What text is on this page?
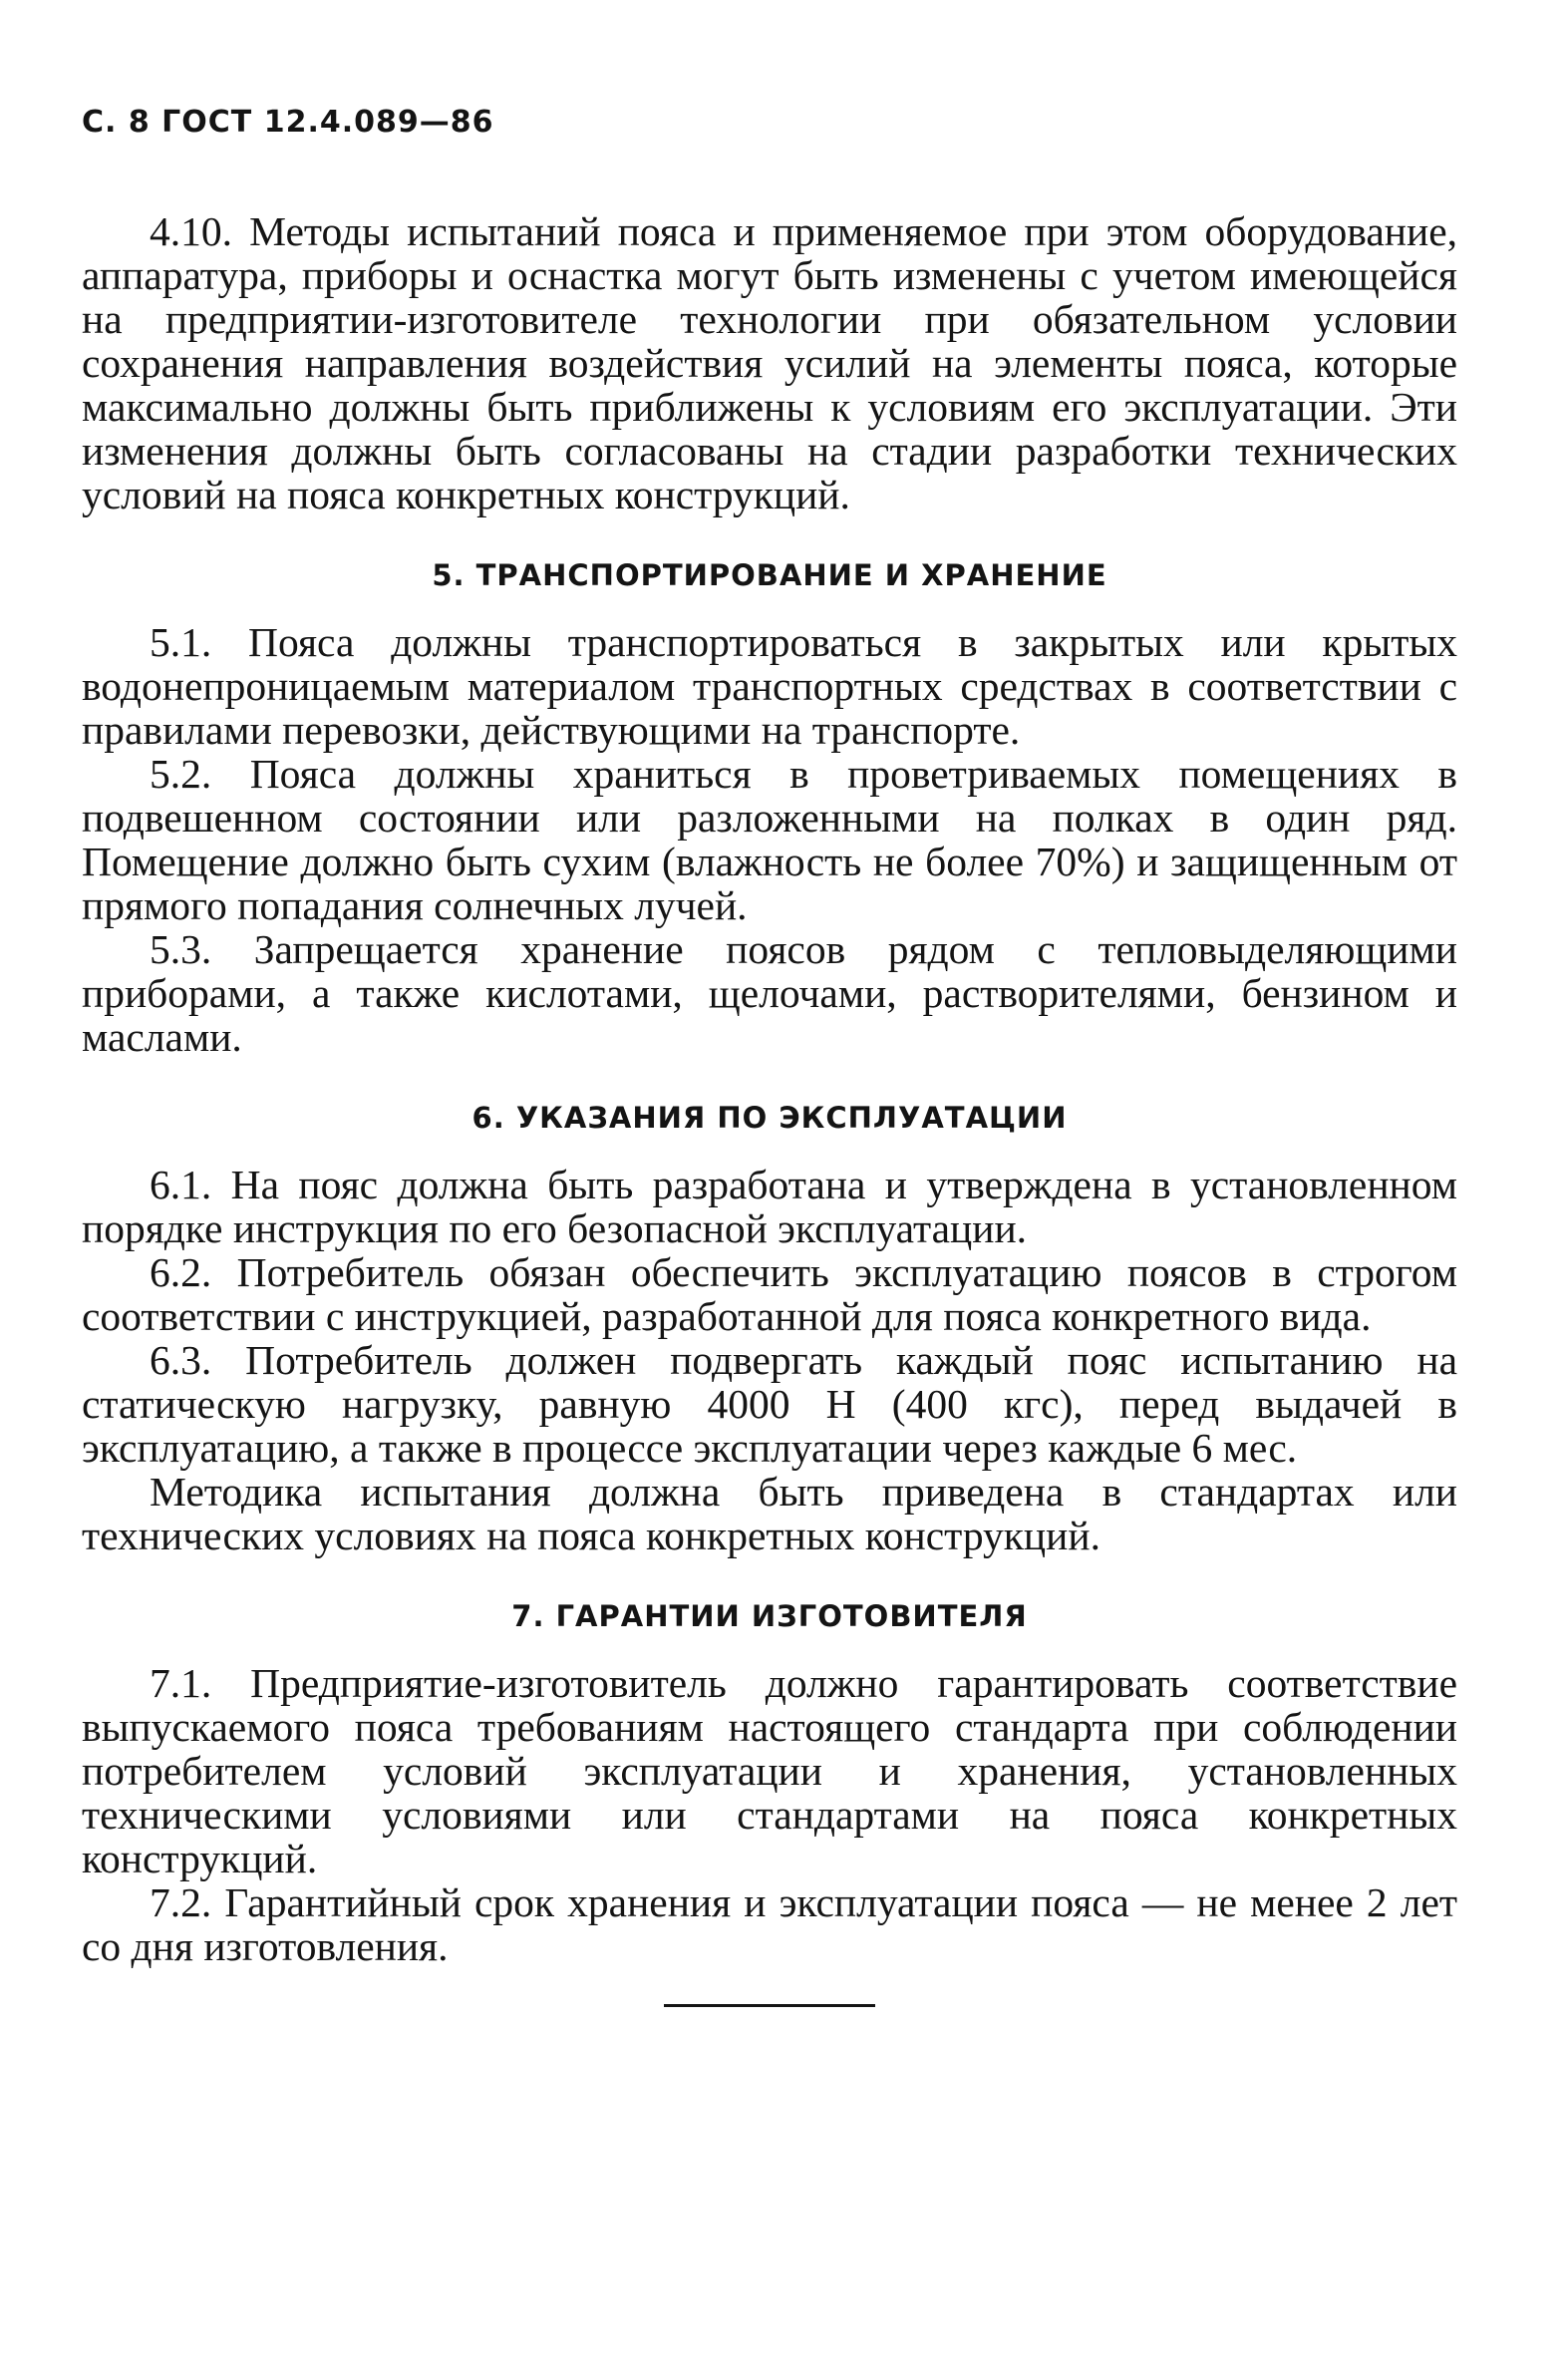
С. 8 ГОСТ 12.4.089—86

4.10. Методы испытаний пояса и применяемое при этом оборудование, аппаратура, приборы и оснастка могут быть изменены с учетом имеющейся на предприятии-изготовителе технологии при обязательном условии сохранения направления воздействия усилий на элементы пояса, которые максимально должны быть приближены к условиям его эксплуатации. Эти изменения должны быть согласованы на стадии разработки технических условий на пояса конкретных конструкций.

5. ТРАНСПОРТИРОВАНИЕ И ХРАНЕНИЕ

5.1. Пояса должны транспортироваться в закрытых или крытых водонепроницаемым материалом транспортных средствах в соответствии с правилами перевозки, действующими на транспорте.

5.2. Пояса должны храниться в проветриваемых помещениях в подвешенном состоянии или разложенными на полках в один ряд. Помещение должно быть сухим (влажность не более 70%) и защищенным от прямого попадания солнечных лучей.

5.3. Запрещается хранение поясов рядом с тепловыделяющими приборами, а также кислотами, щелочами, растворителями, бензином и маслами.

6. УКАЗАНИЯ ПО ЭКСПЛУАТАЦИИ

6.1. На пояс должна быть разработана и утверждена в установленном порядке инструкция по его безопасной эксплуатации.

6.2. Потребитель обязан обеспечить эксплуатацию поясов в строгом соответствии с инструкцией, разработанной для пояса конкретного вида.

6.3. Потребитель должен подвергать каждый пояс испытанию на статическую нагрузку, равную 4000 Н (400 кгс), перед выдачей в эксплуатацию, а также в процессе эксплуатации через каждые 6 мес.

Методика испытания должна быть приведена в стандартах или технических условиях на пояса конкретных конструкций.

7. ГАРАНТИИ ИЗГОТОВИТЕЛЯ

7.1. Предприятие-изготовитель должно гарантировать соответствие выпускаемого пояса требованиям настоящего стандарта при соблюдении потребителем условий эксплуатации и хранения, установленных техническими условиями или стандартами на пояса конкретных конструкций.

7.2. Гарантийный срок хранения и эксплуатации пояса — не менее 2 лет со дня изготовления.
